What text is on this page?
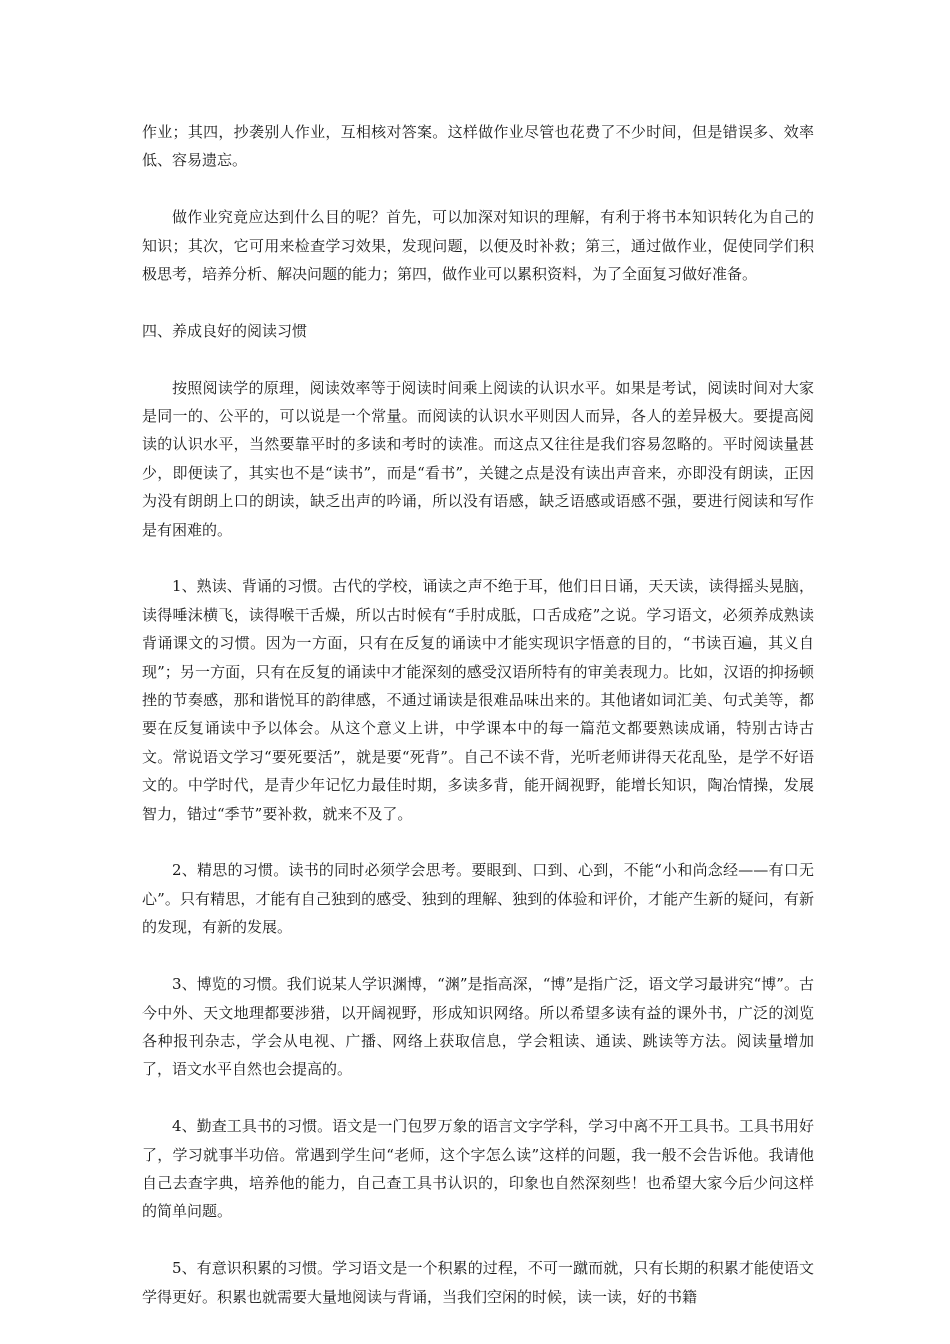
作业；其四，抄袭别人作业，互相核对答案。这样做作业尽管也花费了不少时间，但是错误多、效率低、容易遗忘。

做作业究竟应达到什么目的呢？首先，可以加深对知识的理解，有利于将书本知识转化为自己的知识；其次，它可用来检查学习效果，发现问题，以便及时补救；第三，通过做作业，促使同学们积极思考，培养分析、解决问题的能力；第四，做作业可以累积资料，为了全面复习做好准备。

四、养成良好的阅读习惯

按照阅读学的原理，阅读效率等于阅读时间乘上阅读的认识水平。如果是考试，阅读时间对大家是同一的、公平的，可以说是一个常量。而阅读的认识水平则因人而异，各人的差异极大。要提高阅读的认识水平，当然要靠平时的多读和考时的读准。而这点又往往是我们容易忽略的。平时阅读量甚少，即便读了，其实也不是“读书”，而是“看书”，关键之点是没有读出声音来，亦即没有朗读，正因为没有朗朗上口的朗读，缺乏出声的吟诵，所以没有语感，缺乏语感或语感不强，要进行阅读和写作是有困难的。

1、熟读、背诵的习惯。古代的学校，诵读之声不绝于耳，他们日日诵，天天读，读得摇头晃脑，读得唾沫横飞，读得喉干舌燥，所以古时候有“手肘成胝，口舌成疮”之说。学习语文，必须养成熟读背诵课文的习惯。因为一方面，只有在反复的诵读中才能实现识字悟意的目的，“书读百遍，其义自现”；另一方面，只有在反复的诵读中才能深刻的感受汉语所特有的审美表现力。比如，汉语的抑扬顿挫的节奏感，那和谐悦耳的韵律感，不通过诵读是很难品味出来的。其他诸如词汇美、句式美等，都要在反复诵读中予以体会。从这个意义上讲，中学课本中的每一篇范文都要熟读成诵，特别古诗古文。常说语文学习“要死要活”，就是要“死背”。自己不读不背，光听老师讲得天花乱坠，是学不好语文的。中学时代，是青少年记忆力最佳时期，多读多背，能开阔视野，能增长知识，陶冶情操，发展智力，错过“季节”要补救，就来不及了。

2、精思的习惯。读书的同时必须学会思考。要眼到、口到、心到，不能“小和尚念经——有口无心”。只有精思，才能有自己独到的感受、独到的理解、独到的体验和评价，才能产生新的疑问，有新的发现，有新的发展。

3、博览的习惯。我们说某人学识渊博，“渊”是指高深，“博”是指广泛，语文学习最讲究“博”。古今中外、天文地理都要涉猎，以开阔视野，形成知识网络。所以希望多读有益的课外书，广泛的浏览各种报刊杂志，学会从电视、广播、网络上获取信息，学会粗读、通读、跳读等方法。阅读量增加了，语文水平自然也会提高的。

4、勤查工具书的习惯。语文是一门包罗万象的语言文字学科，学习中离不开工具书。工具书用好了，学习就事半功倍。常遇到学生问“老师，这个字怎么读”这样的问题，我一般不会告诉他。我请他自己去查字典，培养他的能力，自己查工具书认识的，印象也自然深刻些！也希望大家今后少问这样的简单问题。

5、有意识积累的习惯。学习语文是一个积累的过程，不可一蹴而就，只有长期的积累才能使语文学得更好。积累也就需要大量地阅读与背诵，当我们空闲的时候，读一读，好的书籍
